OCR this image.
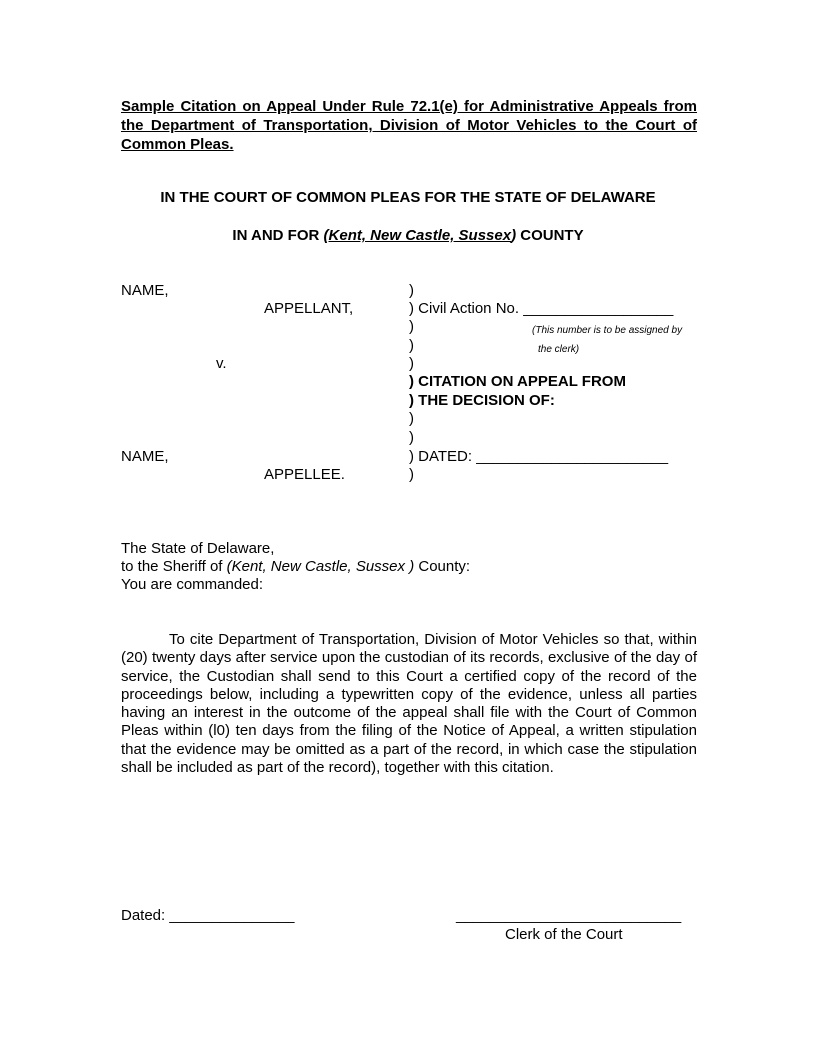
Sample Citation on Appeal Under Rule 72.1(e) for Administrative Appeals from the Department of Transportation, Division of Motor Vehicles to the Court of Common Pleas.
IN THE COURT OF COMMON PLEAS FOR THE STATE OF DELAWARE
IN AND FOR (Kent, New Castle, Sussex) COUNTY
NAME,
APPELLANT,
v.
NAME,
APPELLEE.
)
) Civil Action No. __________________
)	(This number is to be assigned by
)	the clerk)
)
) CITATION ON APPEAL FROM
) THE DECISION OF:
)
)
) DATED: _______________________
)
The State of Delaware,
to the Sheriff of (Kent, New Castle, Sussex ) County:
You are commanded:
To cite Department of Transportation, Division of Motor Vehicles so that, within (20) twenty days after service upon the custodian of its records, exclusive of the day of service, the Custodian shall send to this Court a certified copy of the record of the proceedings below, including a typewritten copy of the evidence, unless all parties having an interest in the outcome of the appeal shall file with the Court of Common Pleas within (l0) ten days from the filing of the Notice of Appeal, a written stipulation that the evidence may be omitted as a part of the record, in which case the stipulation shall be included as part of the record), together with this citation.
Dated: _______________	___________________________
Clerk of the Court
